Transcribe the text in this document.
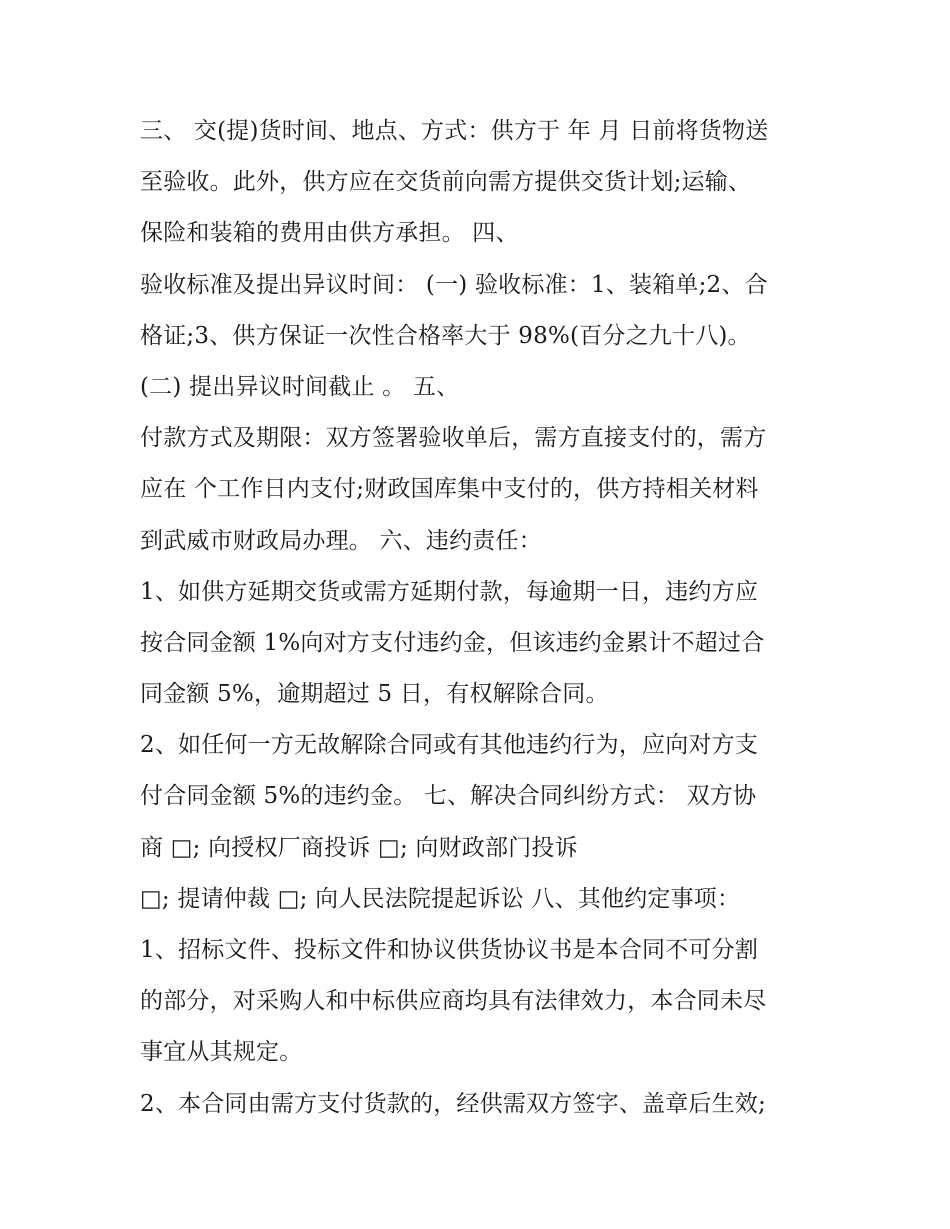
三、 交(提)货时间、地点、方式：供方于 年 月 日前将货物送
至验收。此外，供方应在交货前向需方提供交货计划;运输、
保险和装箱的费用由供方承担。 四、
验收标准及提出异议时间： (一) 验收标准：1、装箱单;2、合
格证;3、供方保证一次性合格率大于 98%(百分之九十八)。
(二) 提出异议时间截止 。 五、
付款方式及期限：双方签署验收单后，需方直接支付的，需方
应在 个工作日内支付;财政国库集中支付的，供方持相关材料
到武威市财政局办理。 六、违约责任：
1、如供方延期交货或需方延期付款，每逾期一日，违约方应
按合同金额 1%向对方支付违约金，但该违约金累计不超过合
同金额 5%，逾期超过 5 日，有权解除合同。
2、如任何一方无故解除合同或有其他违约行为，应向对方支
付合同金额 5%的违约金。 七、解决合同纠纷方式： 双方协
商 □; 向授权厂商投诉 □; 向财政部门投诉
□; 提请仲裁 □; 向人民法院提起诉讼 八、其他约定事项：
1、招标文件、投标文件和协议供货协议书是本合同不可分割
的部分，对采购人和中标供应商均具有法律效力，本合同未尽
事宜从其规定。
2、本合同由需方支付货款的，经供需双方签字、盖章后生效;
